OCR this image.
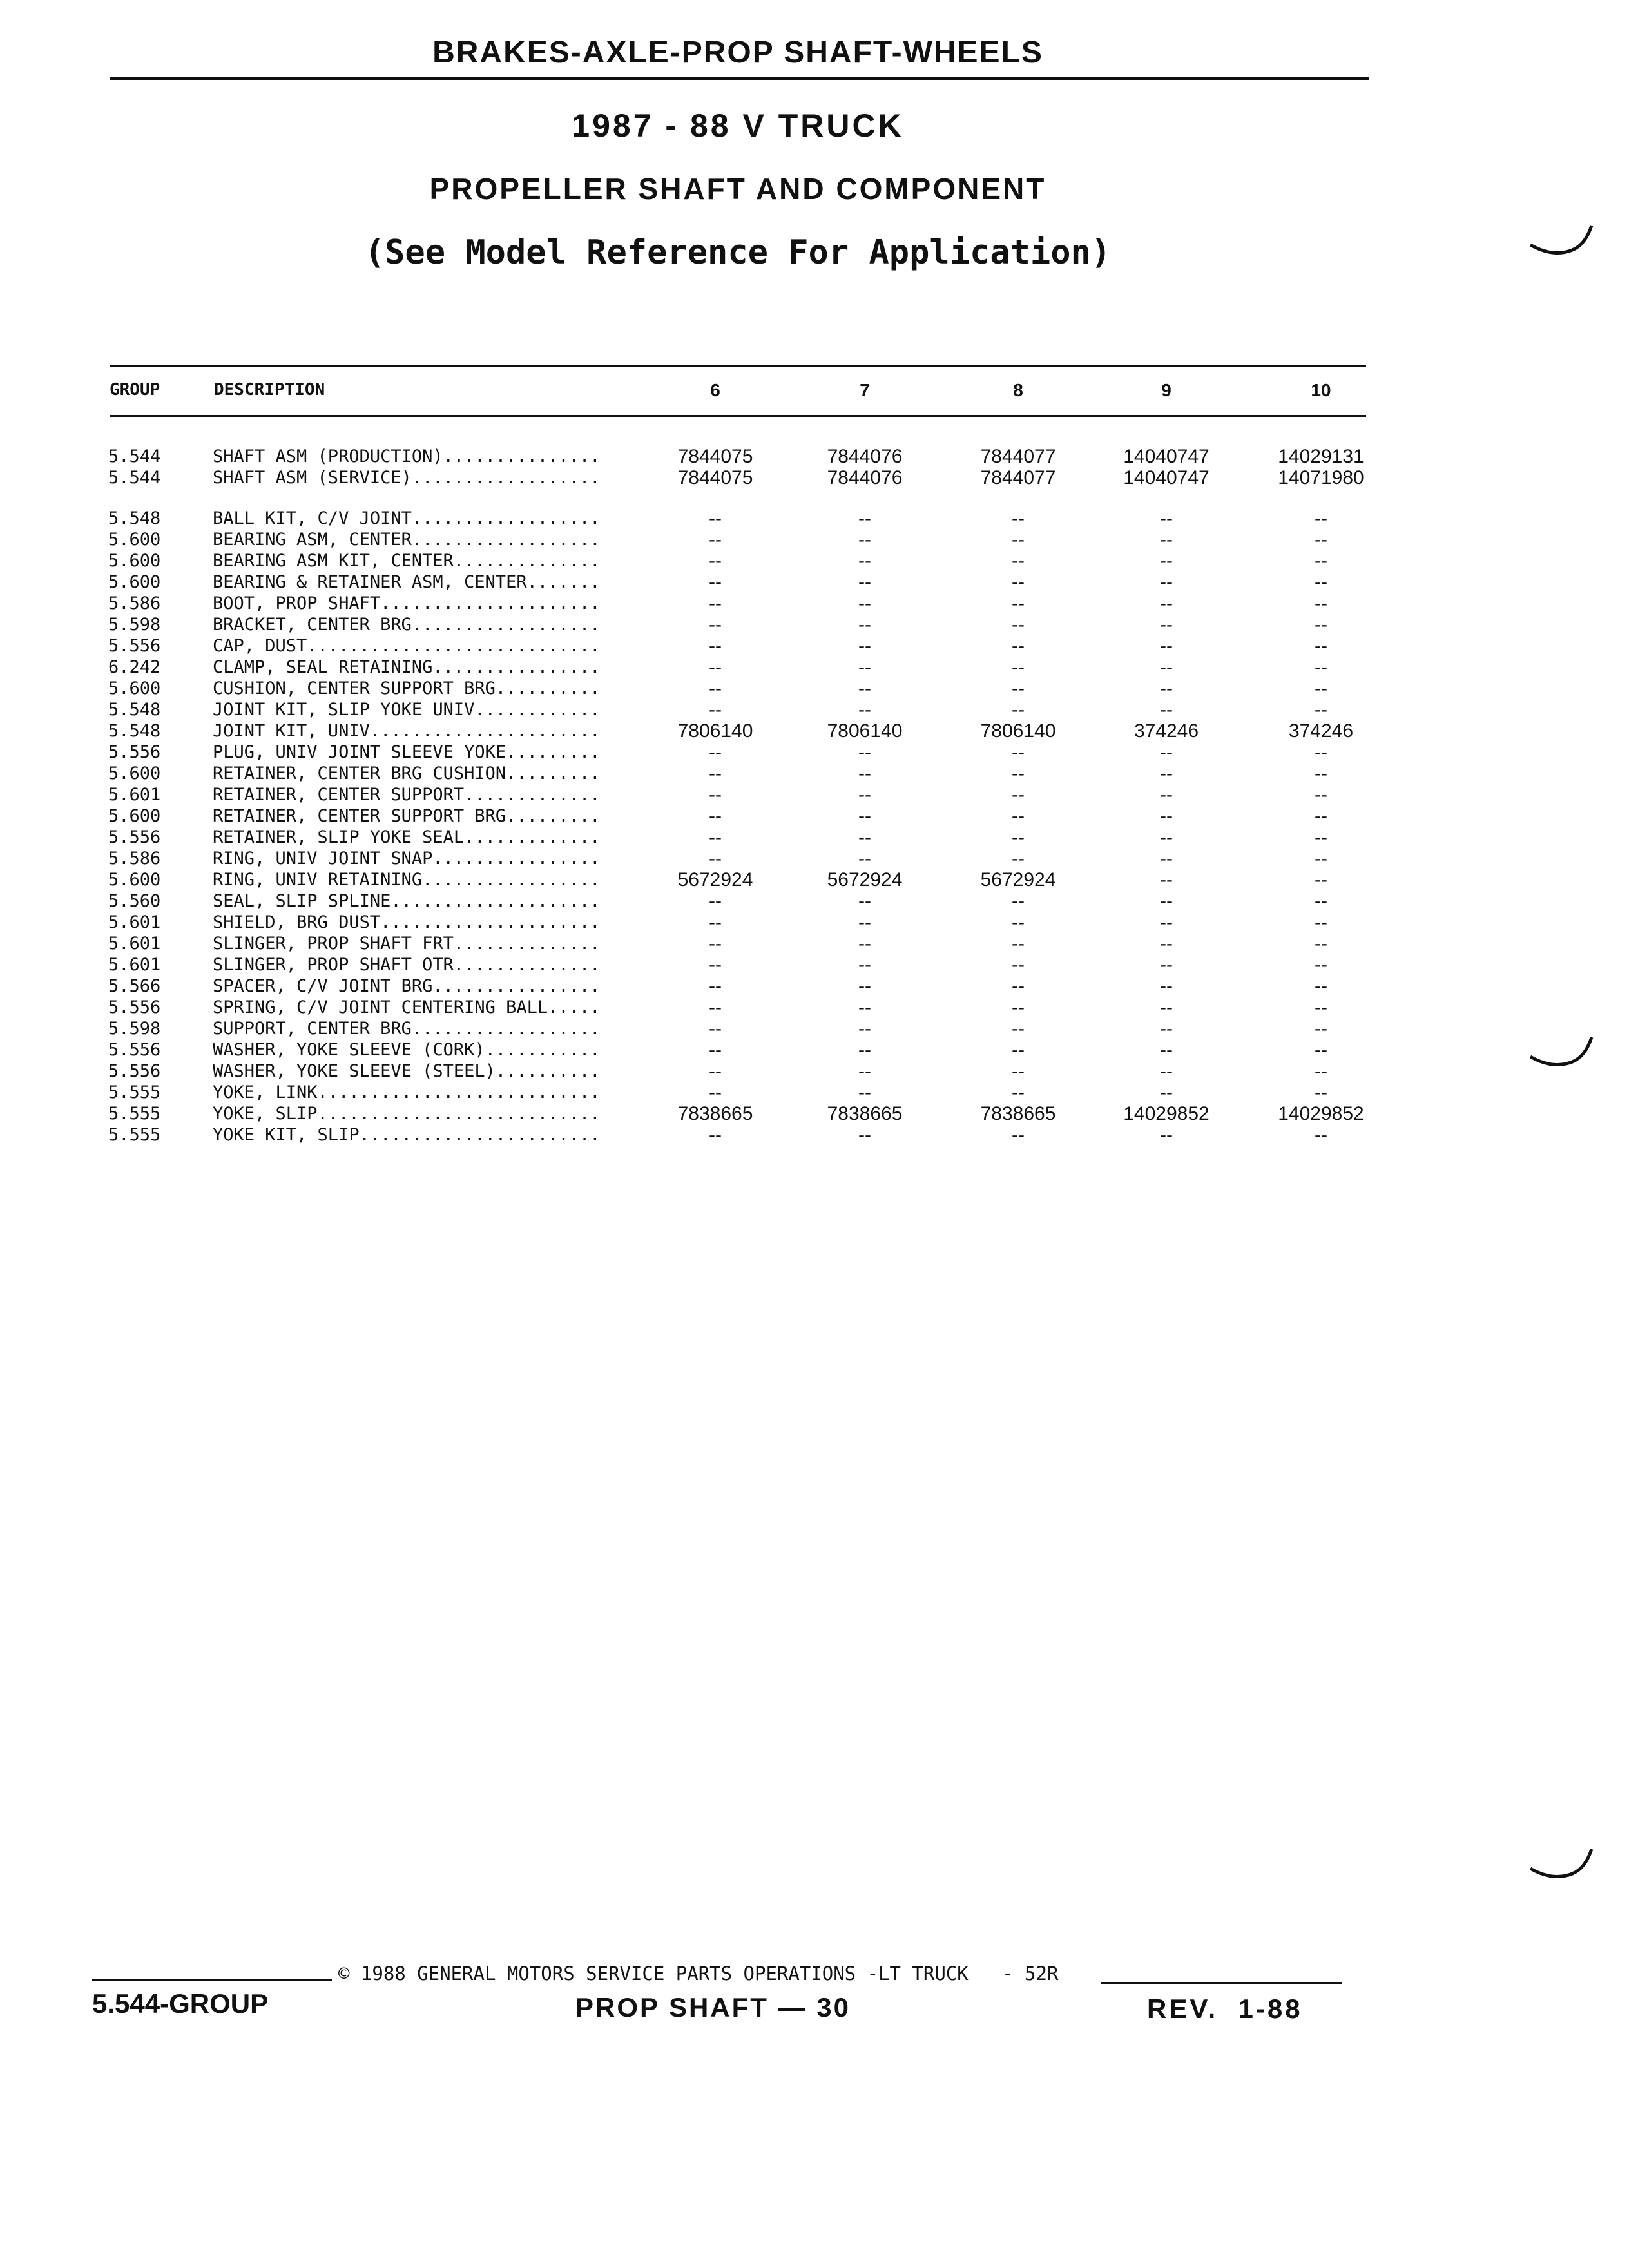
BRAKES-AXLE-PROP SHAFT-WHEELS
1987 - 88 V TRUCK
PROPELLER SHAFT AND COMPONENT
(See Model Reference For Application)
GROUP	DESCRIPTION	6	7	8	9	10
5.544	SHAFT ASM (PRODUCTION)...............	7844075	7844076	7844077	14040747	14029131
5.544	SHAFT ASM (SERVICE)..................	7844075	7844076	7844077	14040747	14071980
5.548	BALL KIT, C/V JOINT..................	--	--	--	--	--
5.600	BEARING ASM, CENTER..................	--	--	--	--	--
5.600	BEARING ASM KIT, CENTER..............	--	--	--	--	--
5.600	BEARING & RETAINER ASM, CENTER.......	--	--	--	--	--
5.586	BOOT, PROP SHAFT.....................	--	--	--	--	--
5.598	BRACKET, CENTER BRG..................	--	--	--	--	--
5.556	CAP, DUST............................	--	--	--	--	--
6.242	CLAMP, SEAL RETAINING................	--	--	--	--	--
5.600	CUSHION, CENTER SUPPORT BRG..........	--	--	--	--	--
5.548	JOINT KIT, SLIP YOKE UNIV............	--	--	--	--	--
5.548	JOINT KIT, UNIV......................	7806140	7806140	7806140	374246	374246
5.556	PLUG, UNIV JOINT SLEEVE YOKE.........	--	--	--	--	--
5.600	RETAINER, CENTER BRG CUSHION.........	--	--	--	--	--
5.601	RETAINER, CENTER SUPPORT.............	--	--	--	--	--
5.600	RETAINER, CENTER SUPPORT BRG.........	--	--	--	--	--
5.556	RETAINER, SLIP YOKE SEAL.............	--	--	--	--	--
5.586	RING, UNIV JOINT SNAP................	--	--	--	--	--
5.600	RING, UNIV RETAINING.................	5672924	5672924	5672924	--	--
5.560	SEAL, SLIP SPLINE....................	--	--	--	--	--
5.601	SHIELD, BRG DUST.....................	--	--	--	--	--
5.601	SLINGER, PROP SHAFT FRT..............	--	--	--	--	--
5.601	SLINGER, PROP SHAFT OTR..............	--	--	--	--	--
5.566	SPACER, C/V JOINT BRG................	--	--	--	--	--
5.556	SPRING, C/V JOINT CENTERING BALL.....	--	--	--	--	--
5.598	SUPPORT, CENTER BRG..................	--	--	--	--	--
5.556	WASHER, YOKE SLEEVE (CORK)...........	--	--	--	--	--
5.556	WASHER, YOKE SLEEVE (STEEL)..........	--	--	--	--	--
5.555	YOKE, LINK...........................	--	--	--	--	--
5.555	YOKE, SLIP...........................	7838665	7838665	7838665	14029852	14029852
5.555	YOKE KIT, SLIP.......................	--	--	--	--	--
© 1988 GENERAL MOTORS SERVICE PARTS OPERATIONS -LT TRUCK   - 52R
5.544-GROUP	PROP SHAFT — 30	REV.  1-88
